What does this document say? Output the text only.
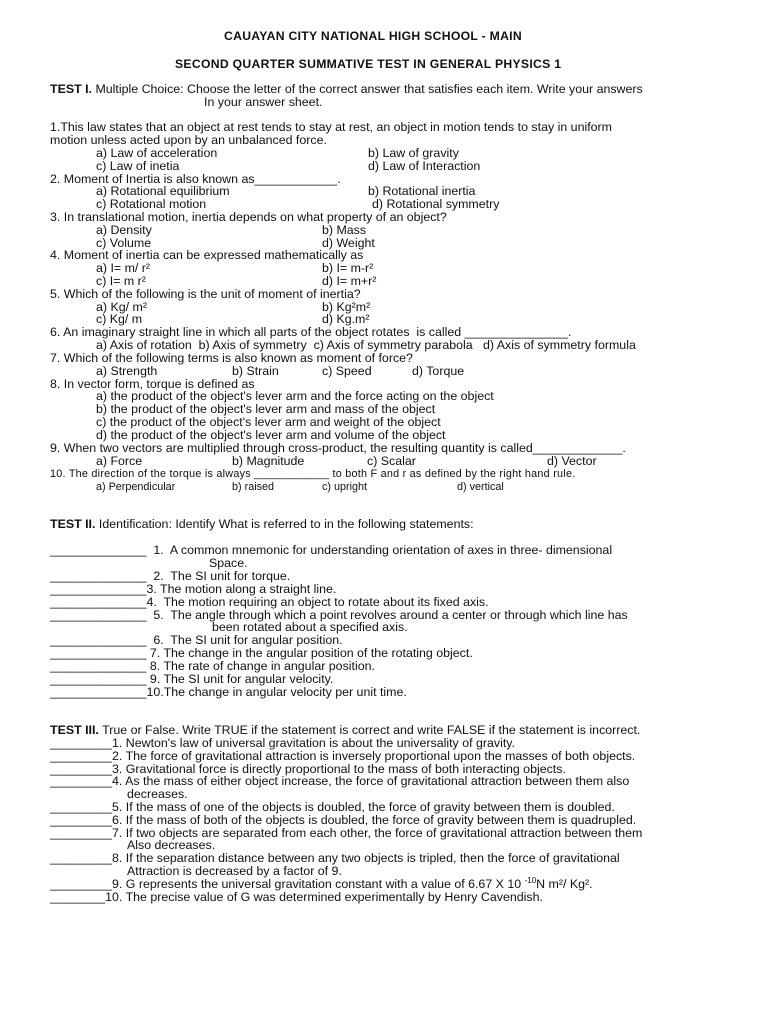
CAUAYAN CITY NATIONAL HIGH SCHOOL - MAIN
SECOND QUARTER SUMMATIVE TEST IN GENERAL PHYSICS 1
TEST I. Multiple Choice: Choose the letter of the correct answer that satisfies each item. Write your answers
In your answer sheet.
1.This law states that an object at rest tends to stay at rest, an object in motion tends to stay in uniform
motion unless acted upon by an unbalanced force.
a) Law of acceleration	b) Law of gravity
c) Law of inetia	d) Law of Interaction
2. Moment of Inertia is also known as____________.
a) Rotational equilibrium	b) Rotational inertia
c) Rotational motion	d) Rotational symmetry
3. In translational motion, inertia depends on what property of an object?
a) Density	b) Mass
c) Volume	d) Weight
4. Moment of inertia can be expressed mathematically as
a) I= m/ r²	b) I= m-r²
c) I= m r²	d) I= m+r²
5. Which of the following is the unit of moment of inertia?
a) Kg/ m²	b) Kg²m²
c) Kg/ m	d) Kg.m²
6. An imaginary straight line in which all parts of the object rotates  is called _______________.
a) Axis of rotation  b) Axis of symmetry  c) Axis of symmetry parabola   d) Axis of symmetry formula
7. Which of the following terms is also known as moment of force?
a) Strength	b) Strain	c) Speed	d) Torque
8. In vector form, torque is defined as
a) the product of the object's lever arm and the force acting on the object
b) the product of the object's lever arm and mass of the object
c) the product of the object's lever arm and weight of the object
d) the product of the object's lever arm and volume of the object
9. When two vectors are multiplied through cross-product, the resulting quantity is called_____________.
a) Force	b) Magnitude	c) Scalar	d) Vector
10. The direction of the torque is always ____________ to both F and r as defined by the right hand rule.
a) Perpendicular	b) raised	c) upright	d) vertical
TEST II. Identification: Identify What is referred to in the following statements:
______________  1.  A common mnemonic for understanding orientation of axes in three- dimensional
Space.
______________  2.  The SI unit for torque.
______________3. The motion along a straight line.
______________4.  The motion requiring an object to rotate about its fixed axis.
______________  5.  The angle through which a point revolves around a center or through which line has
been rotated about a specified axis.
______________  6.  The SI unit for angular position.
______________ 7. The change in the angular position of the rotating object.
______________ 8. The rate of change in angular position.
______________ 9. The SI unit for angular velocity.
______________10.The change in angular velocity per unit time.
TEST III. True or False. Write TRUE if the statement is correct and write FALSE if the statement is incorrect.
_________1. Newton's law of universal gravitation is about the universality of gravity.
_________2. The force of gravitational attraction is inversely proportional upon the masses of both objects.
_________3. Gravitational force is directly proportional to the mass of both interacting objects.
_________4. As the mass of either object increase, the force of gravitational attraction between them also
decreases.
_________5. If the mass of one of the objects is doubled, the force of gravity between them is doubled.
_________6. If the mass of both of the objects is doubled, the force of gravity between them is quadrupled.
_________7. If two objects are separated from each other, the force of gravitational attraction between them
Also decreases.
_________8. If the separation distance between any two objects is tripled, then the force of gravitational
Attraction is decreased by a factor of 9.
_________9. G represents the universal gravitation constant with a value of 6.67 X 10 $^{-10}$N m²/ Kg².
________10. The precise value of G was determined experimentally by Henry Cavendish.
